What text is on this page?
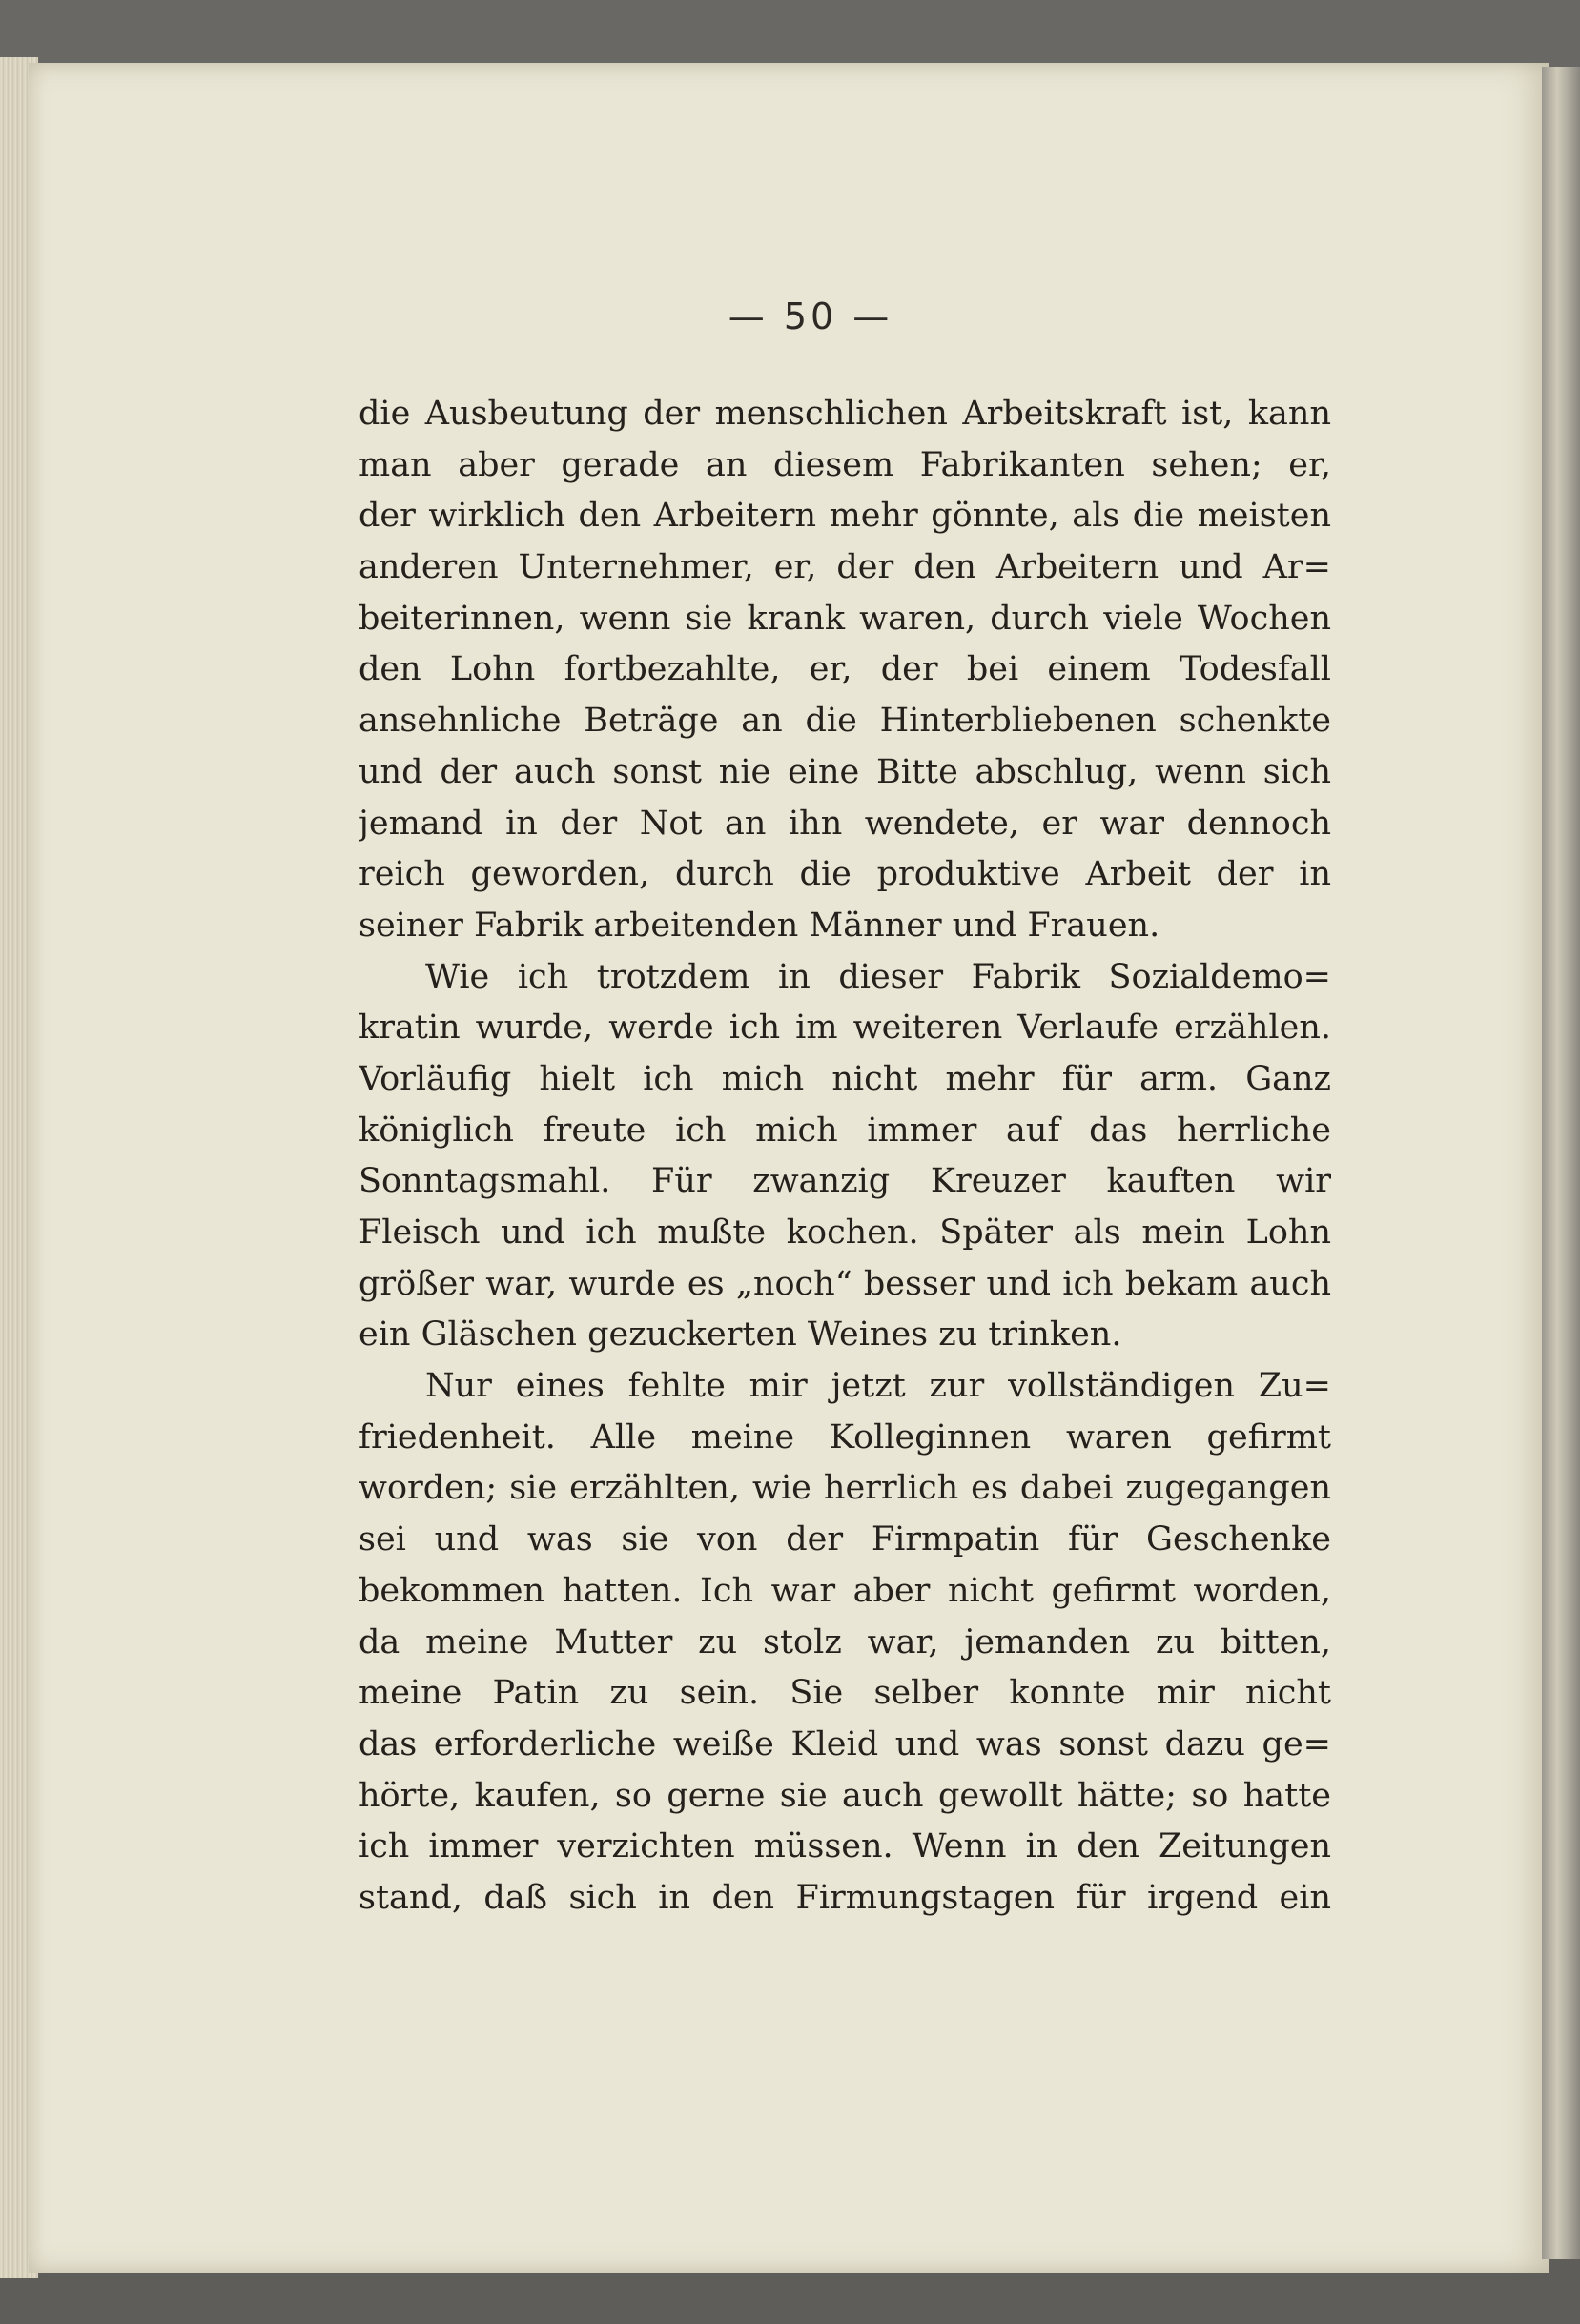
— 50 —
die Ausbeutung der menschlichen Arbeitskraft ist, kann
man aber gerade an diesem Fabrikanten sehen; er,
der wirklich den Arbeitern mehr gönnte, als die meisten
anderen Unternehmer, er, der den Arbeitern und Ar=
beiterinnen, wenn sie krank waren, durch viele Wochen
den Lohn fortbezahlte, er, der bei einem Todesfall
ansehnliche Beträge an die Hinterbliebenen schenkte
und der auch sonst nie eine Bitte abschlug, wenn sich
jemand in der Not an ihn wendete, er war dennoch
reich geworden, durch die produktive Arbeit der in
seiner Fabrik arbeitenden Männer und Frauen.
Wie ich trotzdem in dieser Fabrik Sozialdemo=
kratin wurde, werde ich im weiteren Verlaufe erzählen.
Vorläufig hielt ich mich nicht mehr für arm. Ganz
königlich freute ich mich immer auf das herrliche
Sonntagsmahl. Für zwanzig Kreuzer kauften wir
Fleisch und ich mußte kochen. Später als mein Lohn
größer war, wurde es „noch“ besser und ich bekam auch
ein Gläschen gezuckerten Weines zu trinken.
Nur eines fehlte mir jetzt zur vollständigen Zu=
friedenheit. Alle meine Kolleginnen waren gefirmt
worden; sie erzählten, wie herrlich es dabei zugegangen
sei und was sie von der Firmpatin für Geschenke
bekommen hatten. Ich war aber nicht gefirmt worden,
da meine Mutter zu stolz war, jemanden zu bitten,
meine Patin zu sein. Sie selber konnte mir nicht
das erforderliche weiße Kleid und was sonst dazu ge=
hörte, kaufen, so gerne sie auch gewollt hätte; so hatte
ich immer verzichten müssen. Wenn in den Zeitungen
stand, daß sich in den Firmungstagen für irgend ein
